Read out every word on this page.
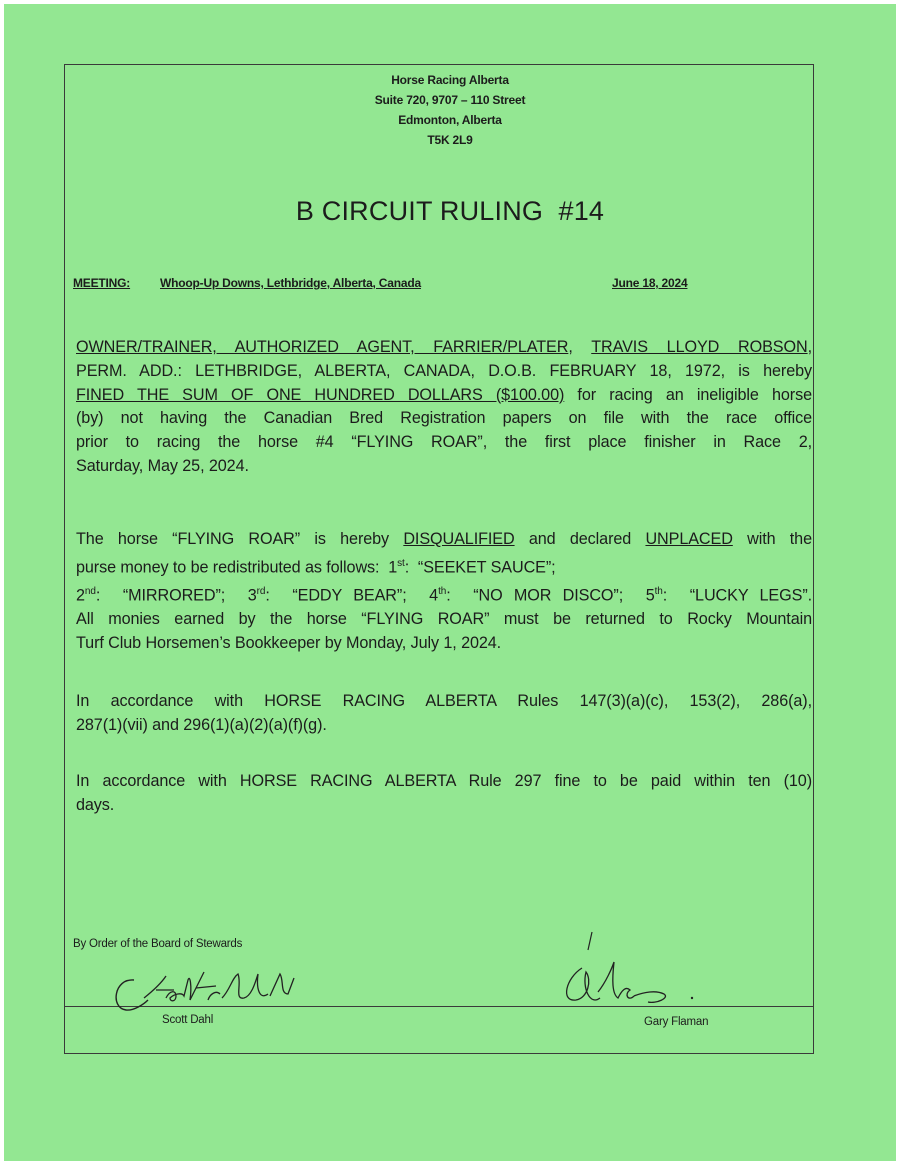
Horse Racing Alberta
Suite 720, 9707 – 110 Street
Edmonton, Alberta
T5K 2L9
B CIRCUIT RULING  #14
MEETING: Whoop-Up Downs, Lethbridge, Alberta, Canada	June 18, 2024
OWNER/TRAINER, AUTHORIZED AGENT, FARRIER/PLATER, TRAVIS LLOYD ROBSON,
PERM. ADD.: LETHBRIDGE, ALBERTA, CANADA, D.O.B. FEBRUARY 18, 1972, is hereby
FINED THE SUM OF ONE HUNDRED DOLLARS ($100.00) for racing an ineligible horse
(by) not having the Canadian Bred Registration papers on file with the race office
prior to racing the horse #4 “FLYING ROAR”, the first place finisher in Race 2,
Saturday, May 25, 2024.
The horse “FLYING ROAR” is hereby DISQUALIFIED and declared UNPLACED with the
purse money to be redistributed as follows:  1st:  “SEEKET SAUCE”;
2nd:  “MIRRORED”;  3rd:  “EDDY BEAR”;  4th:  “NO MOR DISCO”;  5th:  “LUCKY LEGS”.
All monies earned by the horse “FLYING ROAR” must be returned to Rocky Mountain
Turf Club Horsemen’s Bookkeeper by Monday, July 1, 2024.
In accordance with HORSE RACING ALBERTA Rules 147(3)(a)(c), 153(2), 286(a),
287(1)(vii) and 296(1)(a)(2)(a)(f)(g).
In accordance with HORSE RACING ALBERTA Rule 297 fine to be paid within ten (10)
days.
By Order of the Board of Stewards
Scott Dahl	Gary Flaman
